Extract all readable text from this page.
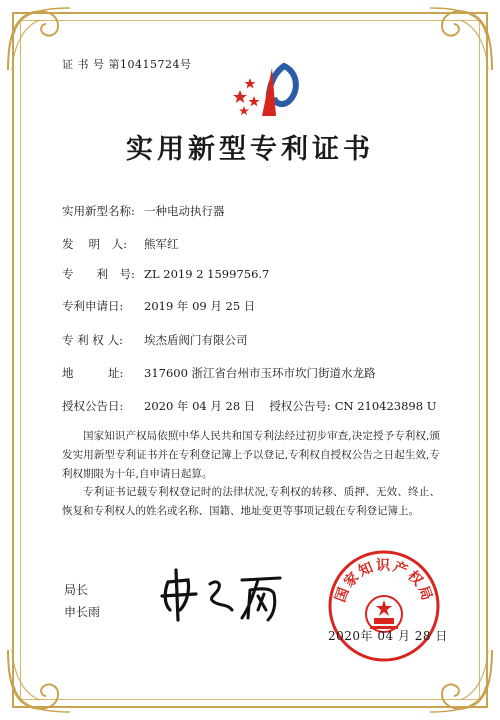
证 书 号 第10415724号
实用新型专利证书
实用新型名称: 一种电动执行器
发　 明　人: 熊军红
专　　利　号: ZL 2019 2 1599756.7
专利申请日: 2019 年 09 月 25 日
专 利 权 人: 埃杰盾阀门有限公司
地　　　址: 317600 浙江省台州市玉环市坎门街道水龙路
授权公告日: 2020 年 04 月 28 日 授权公告号: CN 210423898 U
国家知识产权局依照中华人民共和国专利法经过初步审查,决定授予专利权,颁发实用新型专利证书并在专利登记簿上予以登记,专利权自授权公告之日起生效,专利权期限为十年,自申请日起算。
专利证书记载专利权登记时的法律状况,专利权的转移、质押、无效、终止、恢复和专利权人的姓名或名称、国籍、地址变更等事项记载在专利登记簿上。
局长
申长雨
国家知识产权局
2020年 04 月 28 日
